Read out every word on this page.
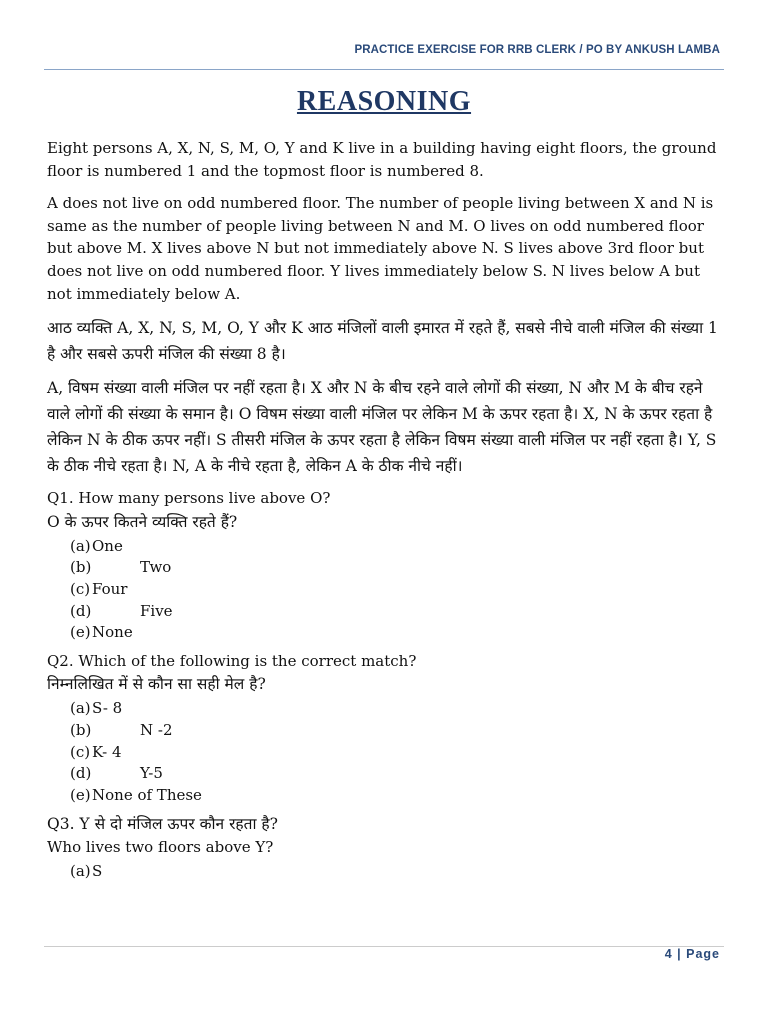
PRACTICE EXERCISE FOR RRB CLERK / PO BY ANKUSH LAMBA
REASONING

Eight persons A, X, N, S, M, O, Y and K live in a building having eight floors, the ground floor is numbered 1 and the topmost floor is numbered 8.

A does not live on odd numbered floor. The number of people living between X and N is same as the number of people living between N and M. O lives on odd numbered floor but above M. X lives above N but not immediately above N. S lives above 3rd floor but does not live on odd numbered floor. Y lives immediately below S. N lives below A but not immediately below A.

आठ व्यक्ति A, X, N, S, M, O, Y और K आठ मंजिलों वाली इमारत में रहते हैं, सबसे नीचे वाली मंजिल की संख्या 1 है और सबसे ऊपरी मंजिल की संख्या 8 है।

A, विषम संख्या वाली मंजिल पर नहीं रहता है। X और N के बीच रहने वाले लोगों की संख्या, N और M के बीच रहने वाले लोगों की संख्या के समान है। O विषम संख्या वाली मंजिल पर लेकिन M के ऊपर रहता है। X, N के ऊपर रहता है लेकिन N के ठीक ऊपर नहीं। S तीसरी मंजिल के ऊपर रहता है लेकिन विषम संख्या वाली मंजिल पर नहीं रहता है। Y, S के ठीक नीचे रहता है। N, A के नीचे रहता है, लेकिन A के ठीक नीचे नहीं।

Q1. How many persons live above O?

O के ऊपर कितने व्यक्ति रहते हैं?

(a) One
(b)	Two
(c) Four
(d)	Five
(e) None

Q2. Which of the following is the correct match?

निम्नलिखित में से कौन सा सही मेल है?

(a) S- 8
(b)	N -2
(c) K- 4
(d)	Y-5
(e) None of These

Q3. Y से दो मंजिल ऊपर कौन रहता है?

Who lives two floors above Y?

(a) S
4 | Page
